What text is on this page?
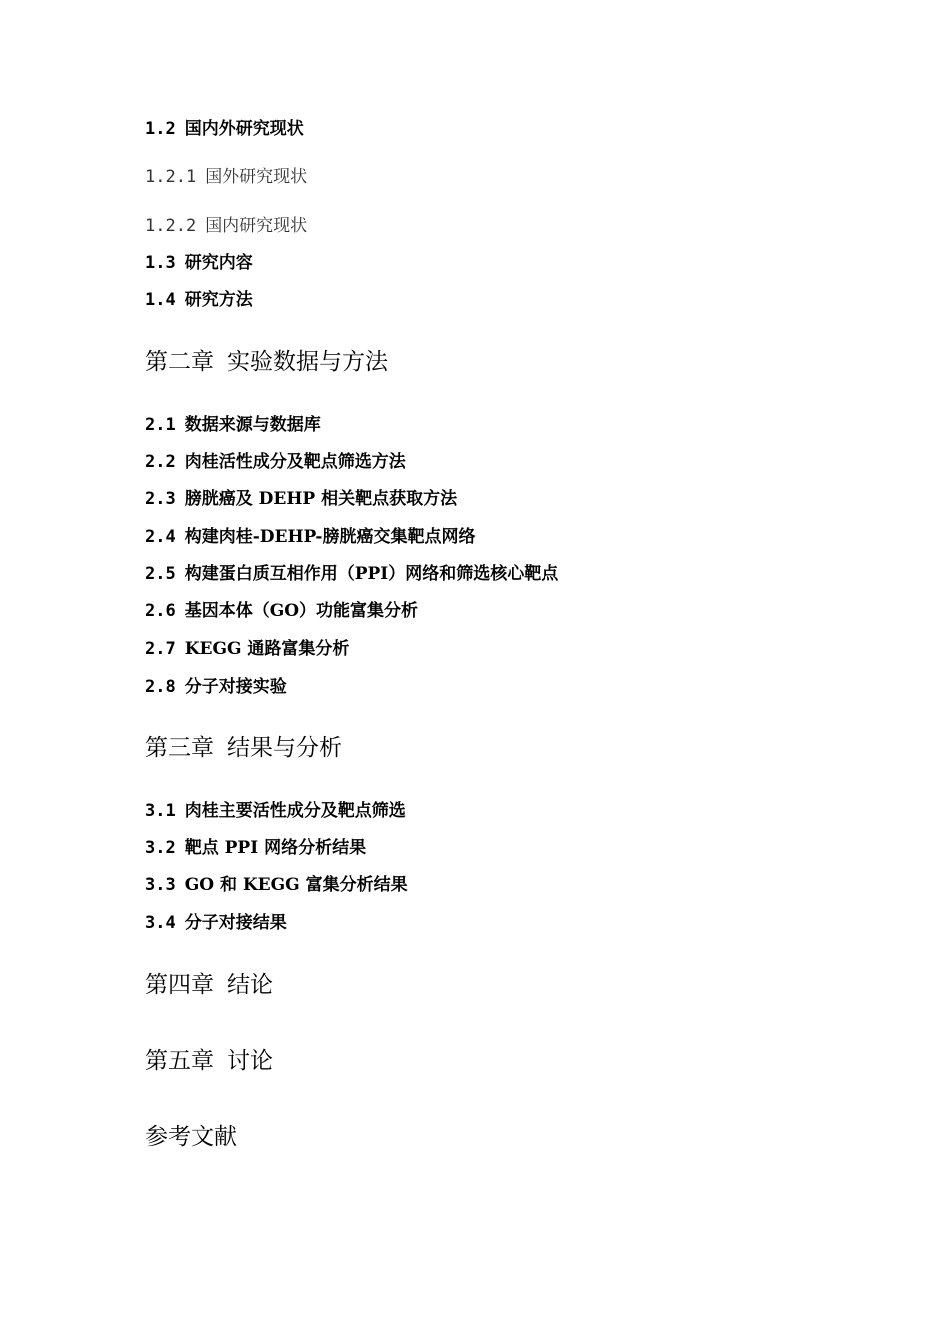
1.2 国内外研究现状
1.2.1 国外研究现状
1.2.2 国内研究现状
1.3 研究内容
1.4 研究方法
第二章 实验数据与方法
2.1 数据来源与数据库
2.2 肉桂活性成分及靶点筛选方法
2.3 膀胱癌及 DEHP 相关靶点获取方法
2.4 构建肉桂-DEHP-膀胱癌交集靶点网络
2.5 构建蛋白质互相作用（PPI）网络和筛选核心靶点
2.6 基因本体（GO）功能富集分析
2.7 KEGG 通路富集分析
2.8 分子对接实验
第三章 结果与分析
3.1 肉桂主要活性成分及靶点筛选
3.2 靶点 PPI 网络分析结果
3.3 GO 和 KEGG 富集分析结果
3.4 分子对接结果
第四章 结论
第五章 讨论
参考文献
